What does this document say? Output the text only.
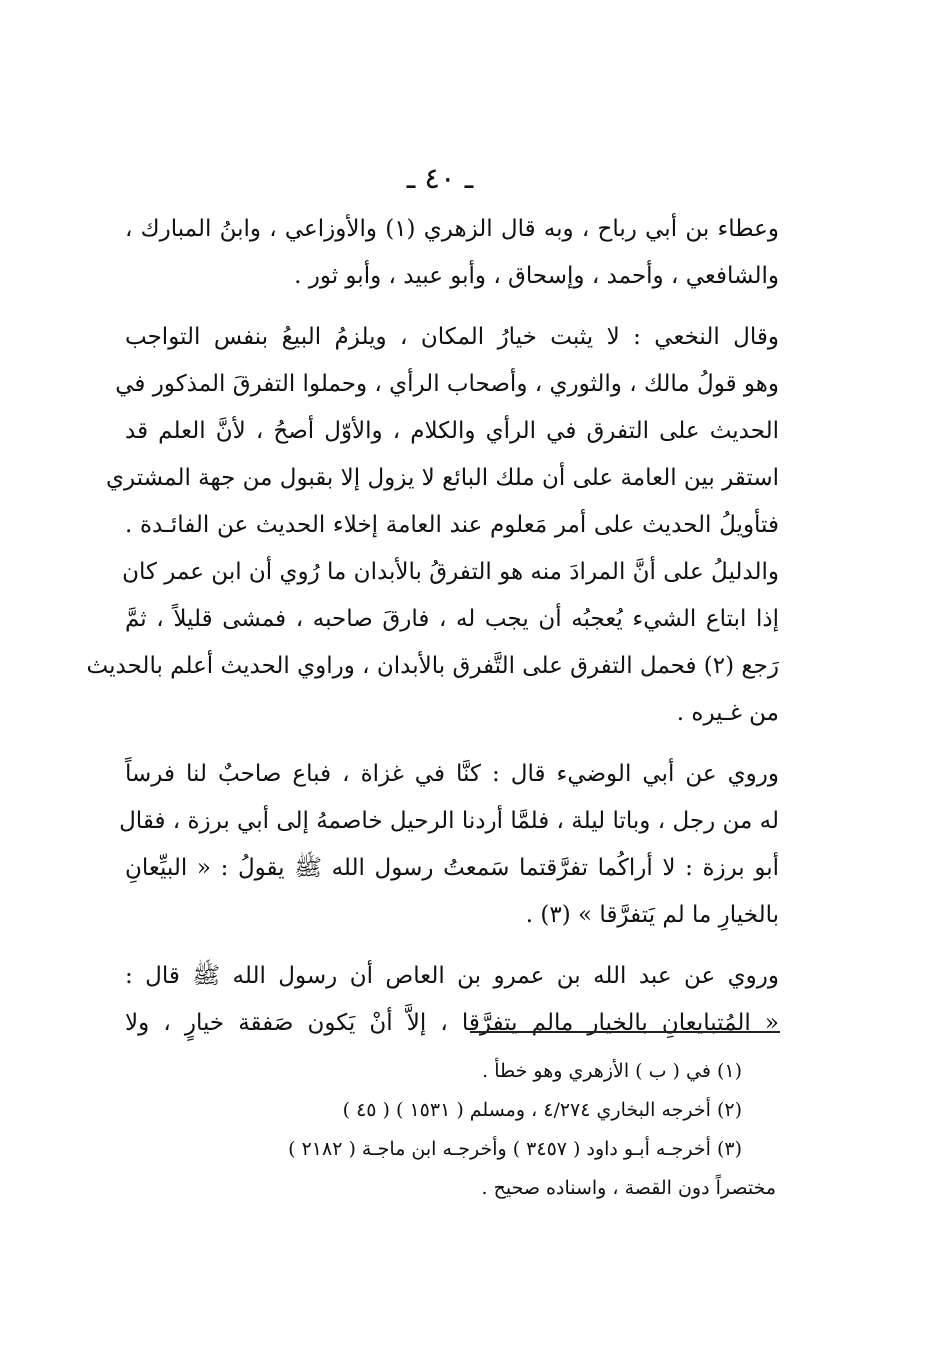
ـ ٤٠ ـ

وعطاء بن أبي رباح ، وبه قال الزهري (١) والأوزاعي ، وابنُ المبارك ،
والشافعي ، وأحمد ، وإسحاق ، وأبو عبيد ، وأبو ثور .

وقال النخعي : لا يثبت خيارُ المكان ، ويلزمُ البيعُ بنفس التواجب
وهو قولُ مالك ، والثوري ، وأصحاب الرأي ، وحملوا التفرقَ المذكور في
الحديث على التفرق في الرأي والكلام ، والأوّل أصحُ ، لأنَّ العلم قد
استقر بين العامة على أن ملك البائع لا يزول إلا بقبول من جهة المشتري
فتأويلُ الحديث على أمر مَعلوم عند العامة إخلاء الحديث عن الفائـدة .
والدليلُ على أنَّ المرادَ منه هو التفرقُ بالأبدان ما رُوي أن ابن عمر كان
إذا ابتاع الشيء يُعجبُه أن يجب له ، فارقَ صاحبه ، فمشى قليلاً ، ثمَّ
رَجع (٢) فحمل التفرق على التَّفرق بالأبدان ، وراوي الحديث أعلم بالحديث
من غـيره .

وروي عن أبي الوضيء قال : كنَّا في غزاة ، فباع صاحبٌ لنا فرساً
له من رجل ، وباتا ليلة ، فلمَّا أردنا الرحيل خاصمهُ إلى أبي برزة ، فقال
أبو برزة : لا أراكُما تفرَّقتما سَمعتُ رسول الله ﷺ يقولُ : « البيِّعانِ
بالخيارِ ما لم يَتفرَّقا » (٣) .

وروي عن عبد الله بن عمرو بن العاص أن رسول الله ﷺ قال :
« المُتبايعانِ بالخيار مالم يتفرَّقا ، إلاَّ أنْ يَكون صَفقة خيارٍ ، ولا

(١) في ( ب ) الأزهري وهو خطأ .
(٢) أخرجه البخاري ٤/٢٧٤ ، ومسلم ( ١٥٣١ ) ( ٤٥ )
(٣) أخرجـه أبـو داود ( ٣٤٥٧ ) وأخرجـه ابن ماجـة ( ٢١٨٢ )
مختصراً دون القصة ، واسناده صحيح .
